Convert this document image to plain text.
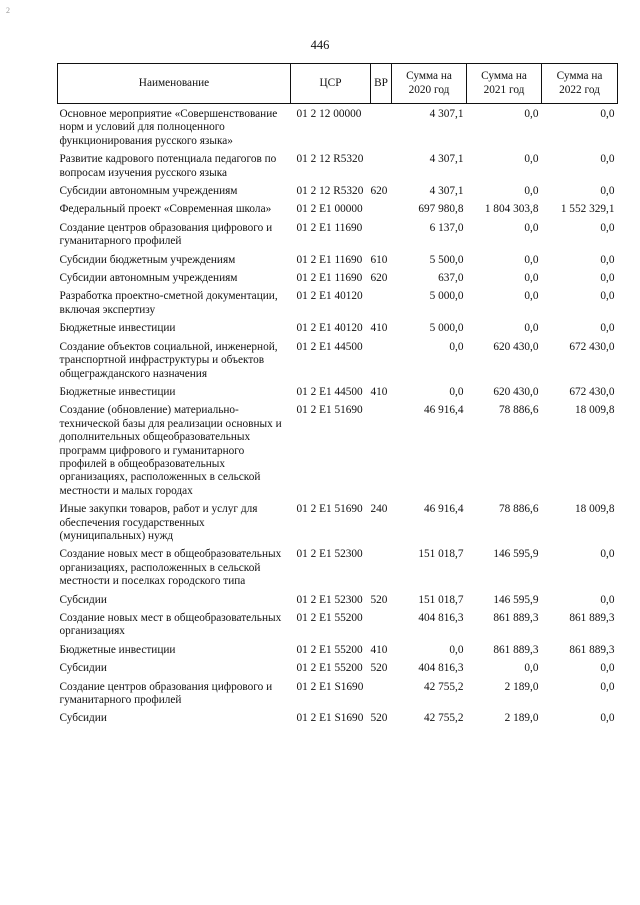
2
446
Наименование	ЦСР	ВР	Сумма на 2020 год	Сумма на 2021 год	Сумма на 2022 год
Основное мероприятие «Совершенствование норм и условий для полноценного функционирования русского языка»	01 2 12 00000		4 307,1	0,0	0,0
Развитие кадрового потенциала педагогов по вопросам изучения русского языка	01 2 12 R5320		4 307,1	0,0	0,0
Субсидии автономным учреждениям	01 2 12 R5320	620	4 307,1	0,0	0,0
Федеральный проект «Современная школа»	01 2 E1 00000		697 980,8	1 804 303,8	1 552 329,1
Создание центров образования цифрового и гуманитарного профилей	01 2 E1 11690		6 137,0	0,0	0,0
Субсидии бюджетным учреждениям	01 2 E1 11690	610	5 500,0	0,0	0,0
Субсидии автономным учреждениям	01 2 E1 11690	620	637,0	0,0	0,0
Разработка проектно-сметной документации, включая экспертизу	01 2 E1 40120		5 000,0	0,0	0,0
Бюджетные инвестиции	01 2 E1 40120	410	5 000,0	0,0	0,0
Создание объектов социальной, инженерной, транспортной инфраструктуры и объектов общегражданского назначения	01 2 E1 44500		0,0	620 430,0	672 430,0
Бюджетные инвестиции	01 2 E1 44500	410	0,0	620 430,0	672 430,0
Создание (обновление) материально-технической базы для реализации основных и дополнительных общеобразовательных программ цифрового и гуманитарного профилей в общеобразовательных организациях, расположенных в сельской местности и малых городах	01 2 E1 51690		46 916,4	78 886,6	18 009,8
Иные закупки товаров, работ и услуг для обеспечения государственных (муниципальных) нужд	01 2 E1 51690	240	46 916,4	78 886,6	18 009,8
Создание новых мест в общеобразовательных организациях, расположенных в сельской местности и поселках городского типа	01 2 E1 52300		151 018,7	146 595,9	0,0
Субсидии	01 2 E1 52300	520	151 018,7	146 595,9	0,0
Создание новых мест в общеобразовательных организациях	01 2 E1 55200		404 816,3	861 889,3	861 889,3
Бюджетные инвестиции	01 2 E1 55200	410	0,0	861 889,3	861 889,3
Субсидии	01 2 E1 55200	520	404 816,3	0,0	0,0
Создание центров образования цифрового и гуманитарного профилей	01 2 E1 S1690		42 755,2	2 189,0	0,0
Субсидии	01 2 E1 S1690	520	42 755,2	2 189,0	0,0
